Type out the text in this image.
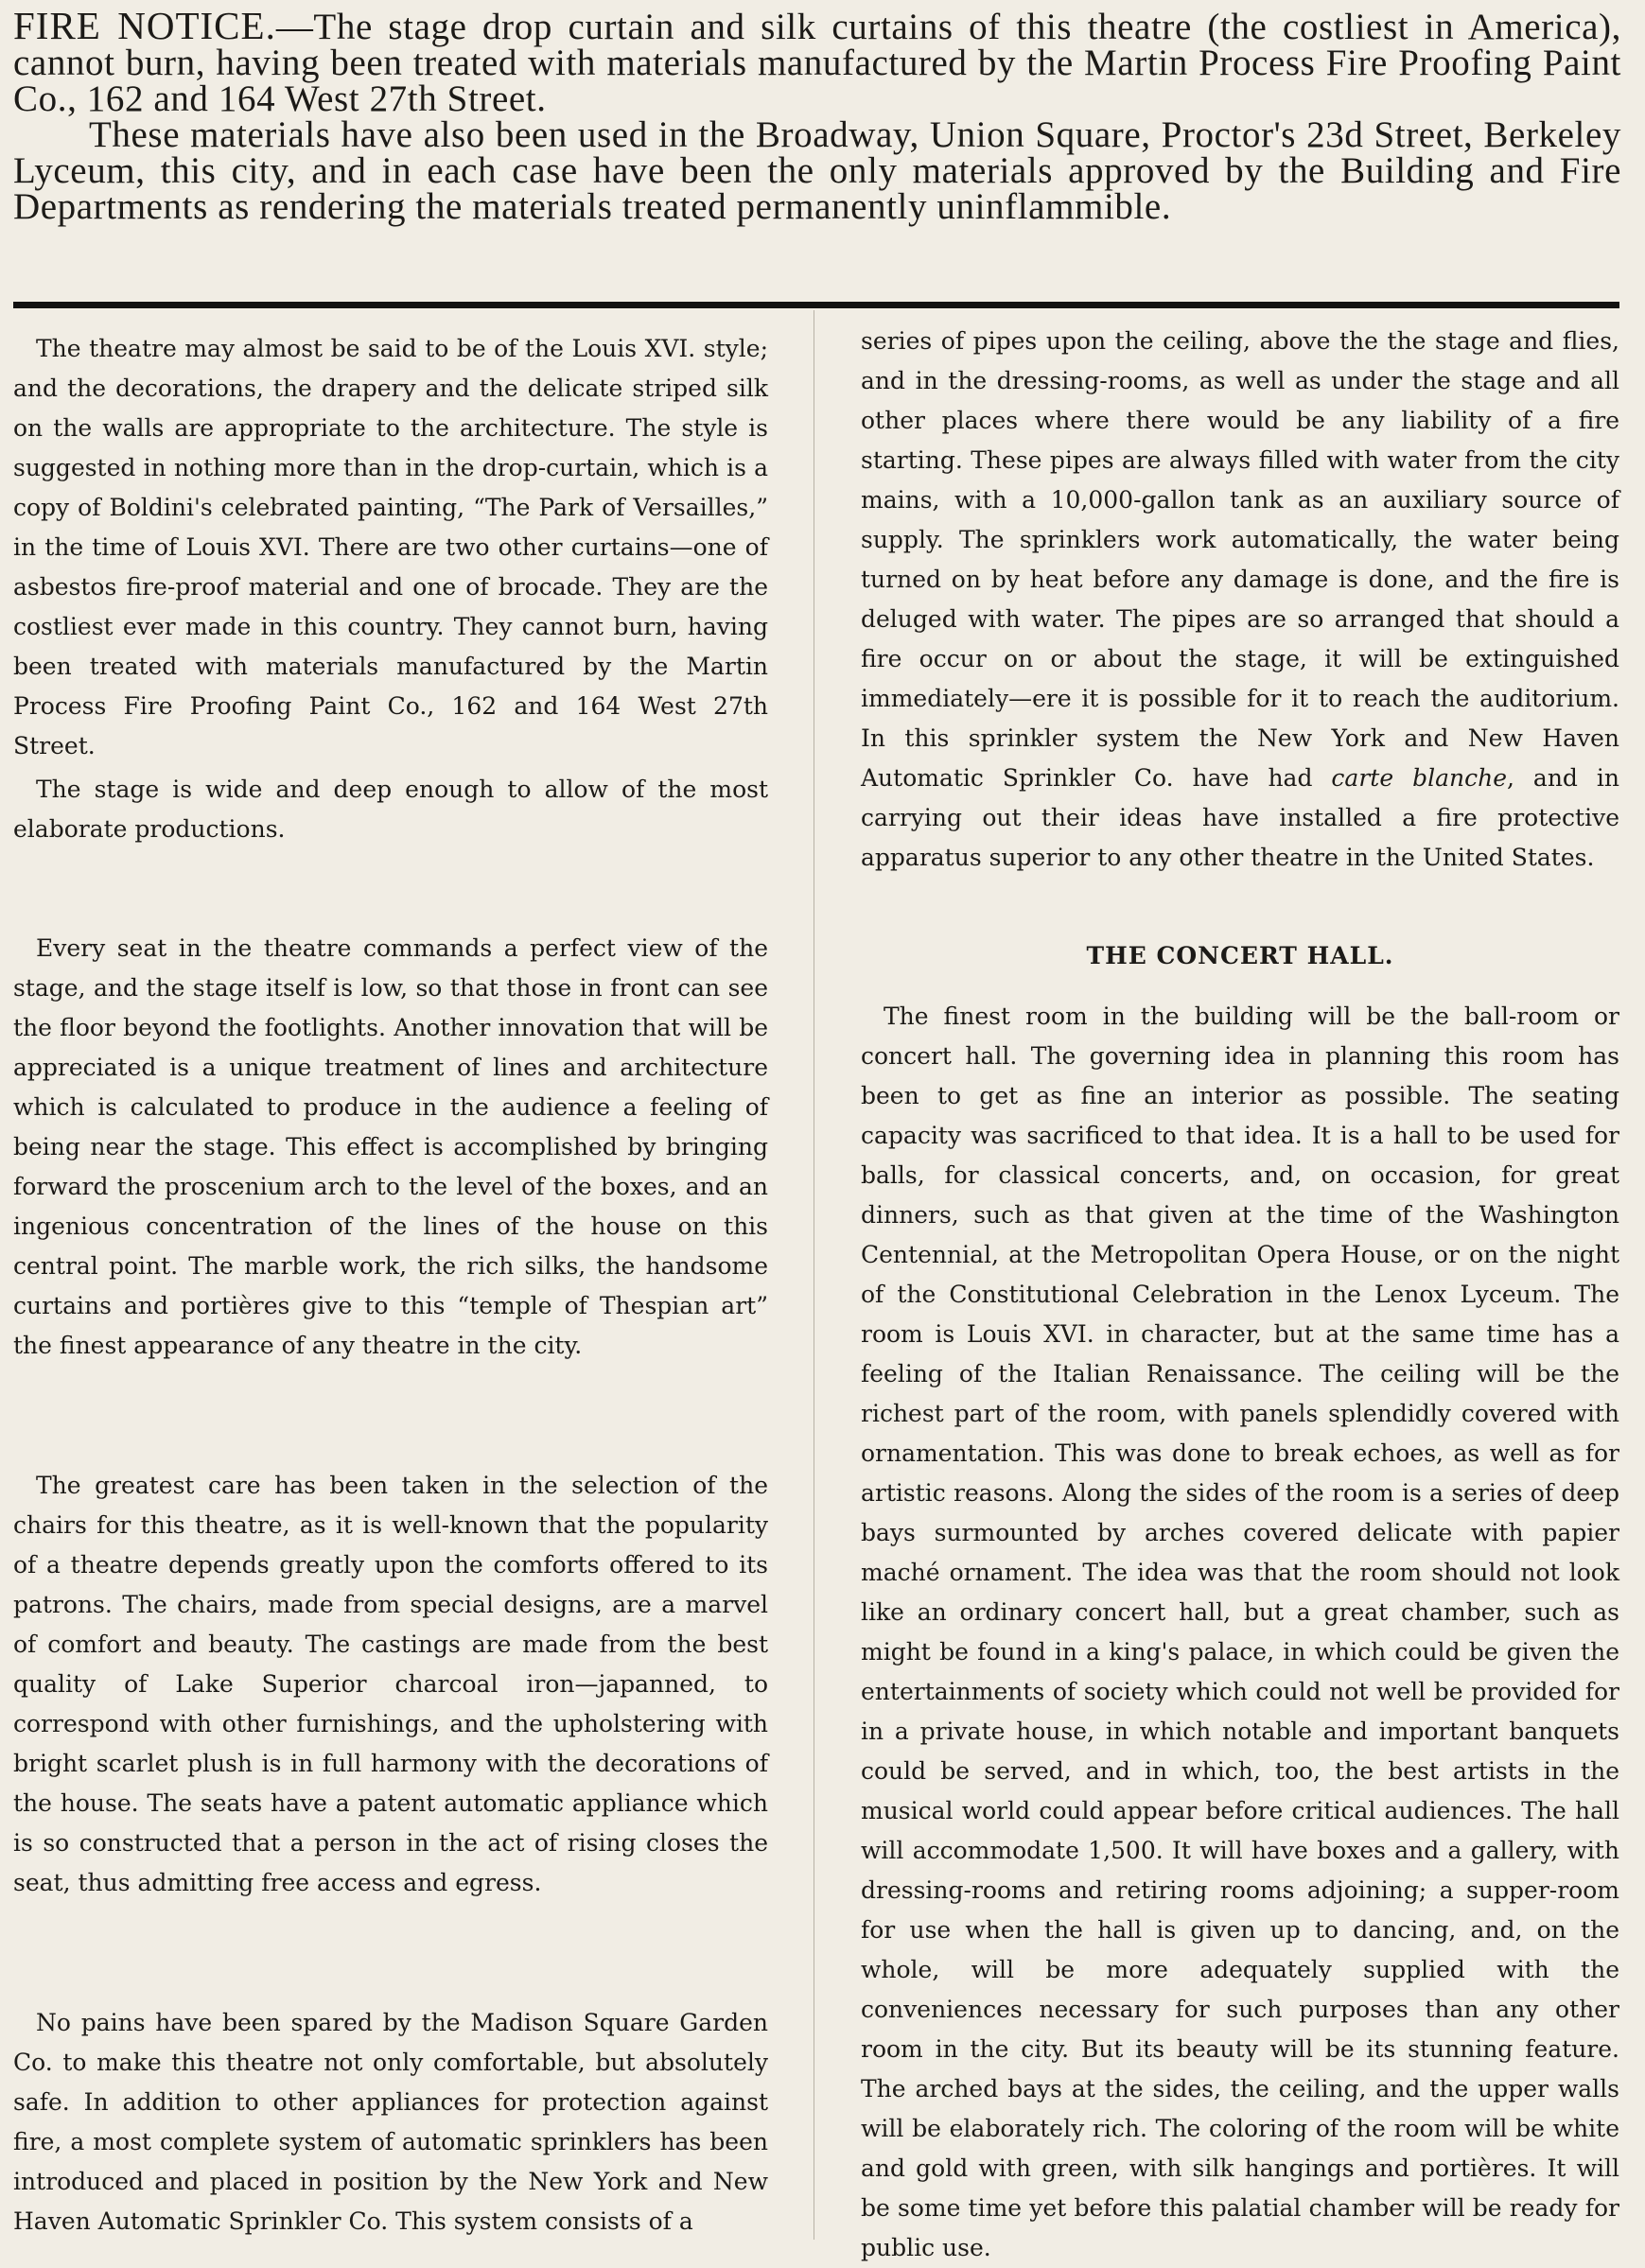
FIRE NOTICE.—The stage drop curtain and silk curtains of this theatre (the costliest in America), cannot burn, having been treated with materials manufactured by the Martin Process Fire Proofing Paint Co., 162 and 164 West 27th Street.

These materials have also been used in the Broadway, Union Square, Proctor's 23d Street, Berkeley Lyceum, this city, and in each case have been the only materials approved by the Building and Fire Departments as rendering the materials treated permanently uninflammible.

The theatre may almost be said to be of the Louis XVI. style; and the decorations, the drapery and the delicate striped silk on the walls are appropriate to the architecture. The style is suggested in nothing more than in the drop-curtain, which is a copy of Boldini's celebrated painting, “The Park of Versailles,” in the time of Louis XVI. There are two other curtains—one of asbestos fire-proof material and one of brocade. They are the costliest ever made in this country. They cannot burn, having been treated with materials manufactured by the Martin Process Fire Proofing Paint Co., 162 and 164 West 27th Street.

The stage is wide and deep enough to allow of the most elaborate productions.

Every seat in the theatre commands a perfect view of the stage, and the stage itself is low, so that those in front can see the floor beyond the footlights. Another innovation that will be appreciated is a unique treatment of lines and architecture which is calculated to produce in the audience a feeling of being near the stage. This effect is accomplished by bringing forward the proscenium arch to the level of the boxes, and an ingenious concentration of the lines of the house on this central point. The marble work, the rich silks, the handsome curtains and portières give to this “temple of Thespian art” the finest appearance of any theatre in the city.

The greatest care has been taken in the selection of the chairs for this theatre, as it is well-known that the popularity of a theatre depends greatly upon the comforts offered to its patrons. The chairs, made from special designs, are a marvel of comfort and beauty. The castings are made from the best quality of Lake Superior charcoal iron—japanned, to correspond with other furnishings, and the upholstering with bright scarlet plush is in full harmony with the decorations of the house. The seats have a patent automatic appliance which is so constructed that a person in the act of rising closes the seat, thus admitting free access and egress.

No pains have been spared by the Madison Square Garden Co. to make this theatre not only comfortable, but absolutely safe. In addition to other appliances for protection against fire, a most complete system of automatic sprinklers has been introduced and placed in position by the New York and New Haven Automatic Sprinkler Co. This system consists of a

series of pipes upon the ceiling, above the the stage and flies, and in the dressing-rooms, as well as under the stage and all other places where there would be any liability of a fire starting. These pipes are always filled with water from the city mains, with a 10,000-gallon tank as an auxiliary source of supply. The sprinklers work automatically, the water being turned on by heat before any damage is done, and the fire is deluged with water. The pipes are so arranged that should a fire occur on or about the stage, it will be extinguished immediately—ere it is possible for it to reach the auditorium. In this sprinkler system the New York and New Haven Automatic Sprinkler Co. have had carte blanche, and in carrying out their ideas have installed a fire protective apparatus superior to any other theatre in the United States.

THE CONCERT HALL.

The finest room in the building will be the ball-room or concert hall. The governing idea in planning this room has been to get as fine an interior as possible. The seating capacity was sacrificed to that idea. It is a hall to be used for balls, for classical concerts, and, on occasion, for great dinners, such as that given at the time of the Washington Centennial, at the Metropolitan Opera House, or on the night of the Constitutional Celebration in the Lenox Lyceum. The room is Louis XVI. in character, but at the same time has a feeling of the Italian Renaissance. The ceiling will be the richest part of the room, with panels splendidly covered with ornamentation. This was done to break echoes, as well as for artistic reasons. Along the sides of the room is a series of deep bays surmounted by arches covered delicate with papier maché ornament. The idea was that the room should not look like an ordinary concert hall, but a great chamber, such as might be found in a king's palace, in which could be given the entertainments of society which could not well be provided for in a private house, in which notable and important banquets could be served, and in which, too, the best artists in the musical world could appear before critical audiences. The hall will accommodate 1,500. It will have boxes and a gallery, with dressing-rooms and retiring rooms adjoining; a supper-room for use when the hall is given up to dancing, and, on the whole, will be more adequately supplied with the conveniences necessary for such purposes than any other room in the city. But its beauty will be its stunning feature. The arched bays at the sides, the ceiling, and the upper walls will be elaborately rich. The coloring of the room will be white and gold with green, with silk hangings and portières. It will be some time yet before this palatial chamber will be ready for public use.
